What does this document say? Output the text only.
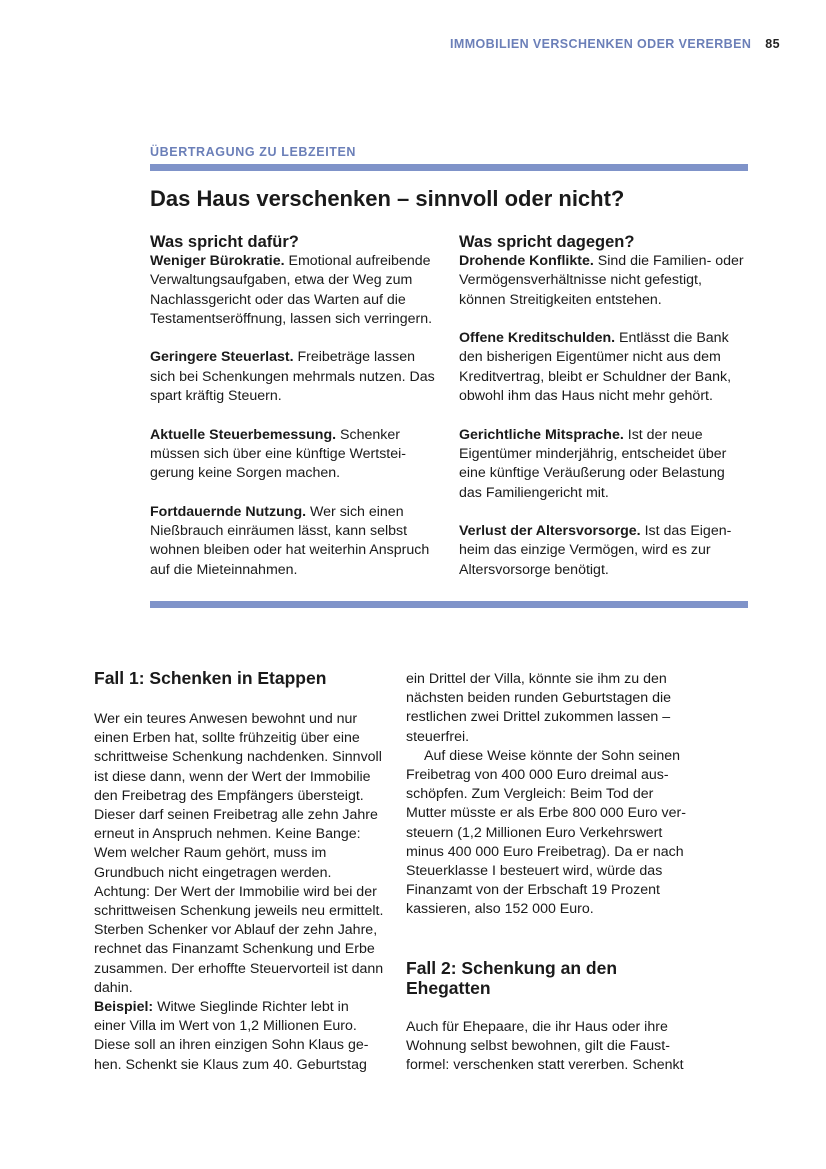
IMMOBILIEN VERSCHENKEN ODER VERERBEN 85
ÜBERTRAGUNG ZU LEBZEITEN
Das Haus verschenken – sinnvoll oder nicht?
Was spricht dafür?

Weniger Bürokratie. Emotional aufreibende Verwaltungsaufgaben, etwa der Weg zum Nachlassgericht oder das Warten auf die Testamentseröffnung, lassen sich verringern.

Geringere Steuerlast. Freibeträge lassen sich bei Schenkungen mehrmals nutzen. Das spart kräftig Steuern.

Aktuelle Steuerbemessung. Schenker müssen sich über eine künftige Wertsteigerung keine Sorgen machen.

Fortdauernde Nutzung. Wer sich einen Nießbrauch einräumen lässt, kann selbst wohnen bleiben oder hat weiterhin Anspruch auf die Mieteinnahmen.

Was spricht dagegen?

Drohende Konflikte. Sind die Familien- oder Vermögensverhältnisse nicht gefestigt, können Streitigkeiten entstehen.

Offene Kreditschulden. Entlässt die Bank den bisherigen Eigentümer nicht aus dem Kreditvertrag, bleibt er Schuldner der Bank, obwohl ihm das Haus nicht mehr gehört.

Gerichtliche Mitsprache. Ist der neue Eigentümer minderjährig, entscheidet über eine künftige Veräußerung oder Belastung das Familiengericht mit.

Verlust der Altersvorsorge. Ist das Eigenheim das einzige Vermögen, wird es zur Altersvorsorge benötigt.

Fall 1: Schenken in Etappen

Wer ein teures Anwesen bewohnt und nur einen Erben hat, sollte frühzeitig über eine schrittweise Schenkung nachdenken. Sinnvoll ist diese dann, wenn der Wert der Immobilie den Freibetrag des Empfängers übersteigt. Dieser darf seinen Freibetrag alle zehn Jahre erneut in Anspruch nehmen. Keine Bange: Wem welcher Raum gehört, muss im Grundbuch nicht eingetragen werden. Achtung: Der Wert der Immobilie wird bei der schrittweisen Schenkung jeweils neu ermittelt. Sterben Schenker vor Ablauf der zehn Jahre, rechnet das Finanzamt Schenkung und Erbe zusammen. Der erhoffte Steuervorteil ist dann dahin.

Beispiel: Witwe Sieglinde Richter lebt in einer Villa im Wert von 1,2 Millionen Euro. Diese soll an ihren einzigen Sohn Klaus gehen. Schenkt sie Klaus zum 40. Geburtstag

ein Drittel der Villa, könnte sie ihm zu den nächsten beiden runden Geburtstagen die restlichen zwei Drittel zukommen lassen – steuerfrei.

Auf diese Weise könnte der Sohn seinen Freibetrag von 400 000 Euro dreimal ausschöpfen. Zum Vergleich: Beim Tod der Mutter müsste er als Erbe 800 000 Euro versteuern (1,2 Millionen Euro Verkehrswert minus 400 000 Euro Freibetrag). Da er nach Steuerklasse I besteuert wird, würde das Finanzamt von der Erbschaft 19 Prozent kassieren, also 152 000 Euro.

Fall 2: Schenkung an den Ehegatten

Auch für Ehepaare, die ihr Haus oder ihre Wohnung selbst bewohnen, gilt die Faustformel: verschenken statt vererben. Schenkt
